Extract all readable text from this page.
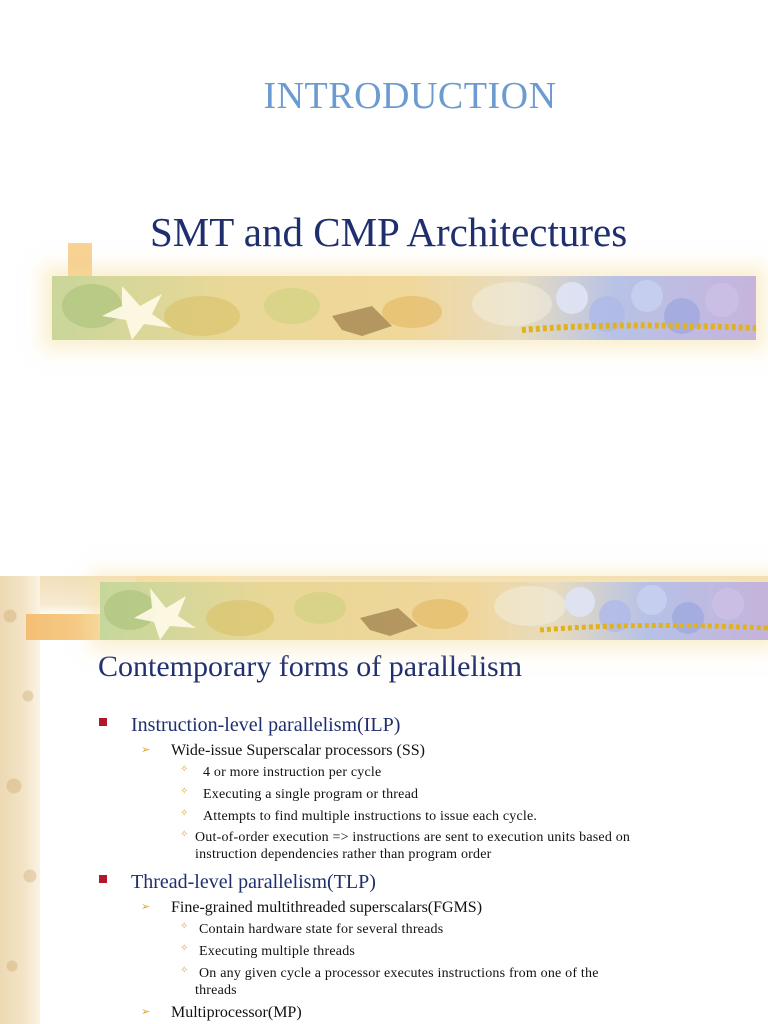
INTRODUCTION
SMT and CMP Architectures
Contemporary forms of parallelism
Instruction-level parallelism(ILP)
➢ Wide-issue Superscalar processors (SS)
✧ 4 or more instruction per cycle
✧ Executing a single program or thread
✧ Attempts to find multiple instructions to issue each cycle.
✧ Out-of-order execution => instructions are sent to execution units based on
instruction dependencies rather than program order
Thread-level parallelism(TLP)
➢ Fine-grained multithreaded superscalars(FGMS)
✧ Contain hardware state for several threads
✧ Executing multiple threads
✧ On any given cycle a processor executes instructions from one of the
threads
➢ Multiprocessor(MP)
